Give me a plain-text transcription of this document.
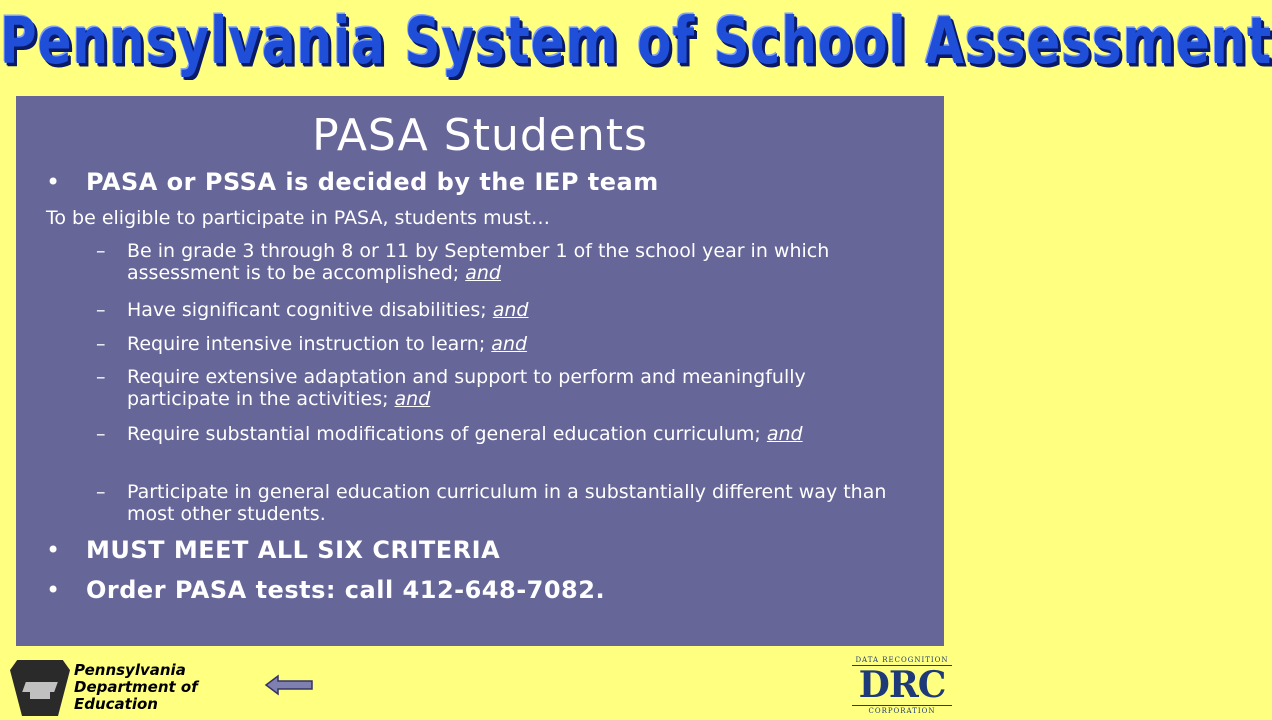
Pennsylvania System of School Assessment
PASA Students
• PASA or PSSA is decided by the IEP team
To be eligible to participate in PASA, students must…
– Be in grade 3 through 8 or 11 by September 1 of the school year in which assessment is to be accomplished; and
– Have significant cognitive disabilities; and
– Require intensive instruction to learn; and
– Require extensive adaptation and support to perform and meaningfully participate in the activities; and
– Require substantial modifications of general education curriculum; and
– Participate in general education curriculum in a substantially different way than most other students.
• MUST MEET ALL SIX CRITERIA
• Order PASA tests: call 412-648-7082.
Pennsylvania
Department of
Education
DATA RECOGNITION
DRC
CORPORATION
